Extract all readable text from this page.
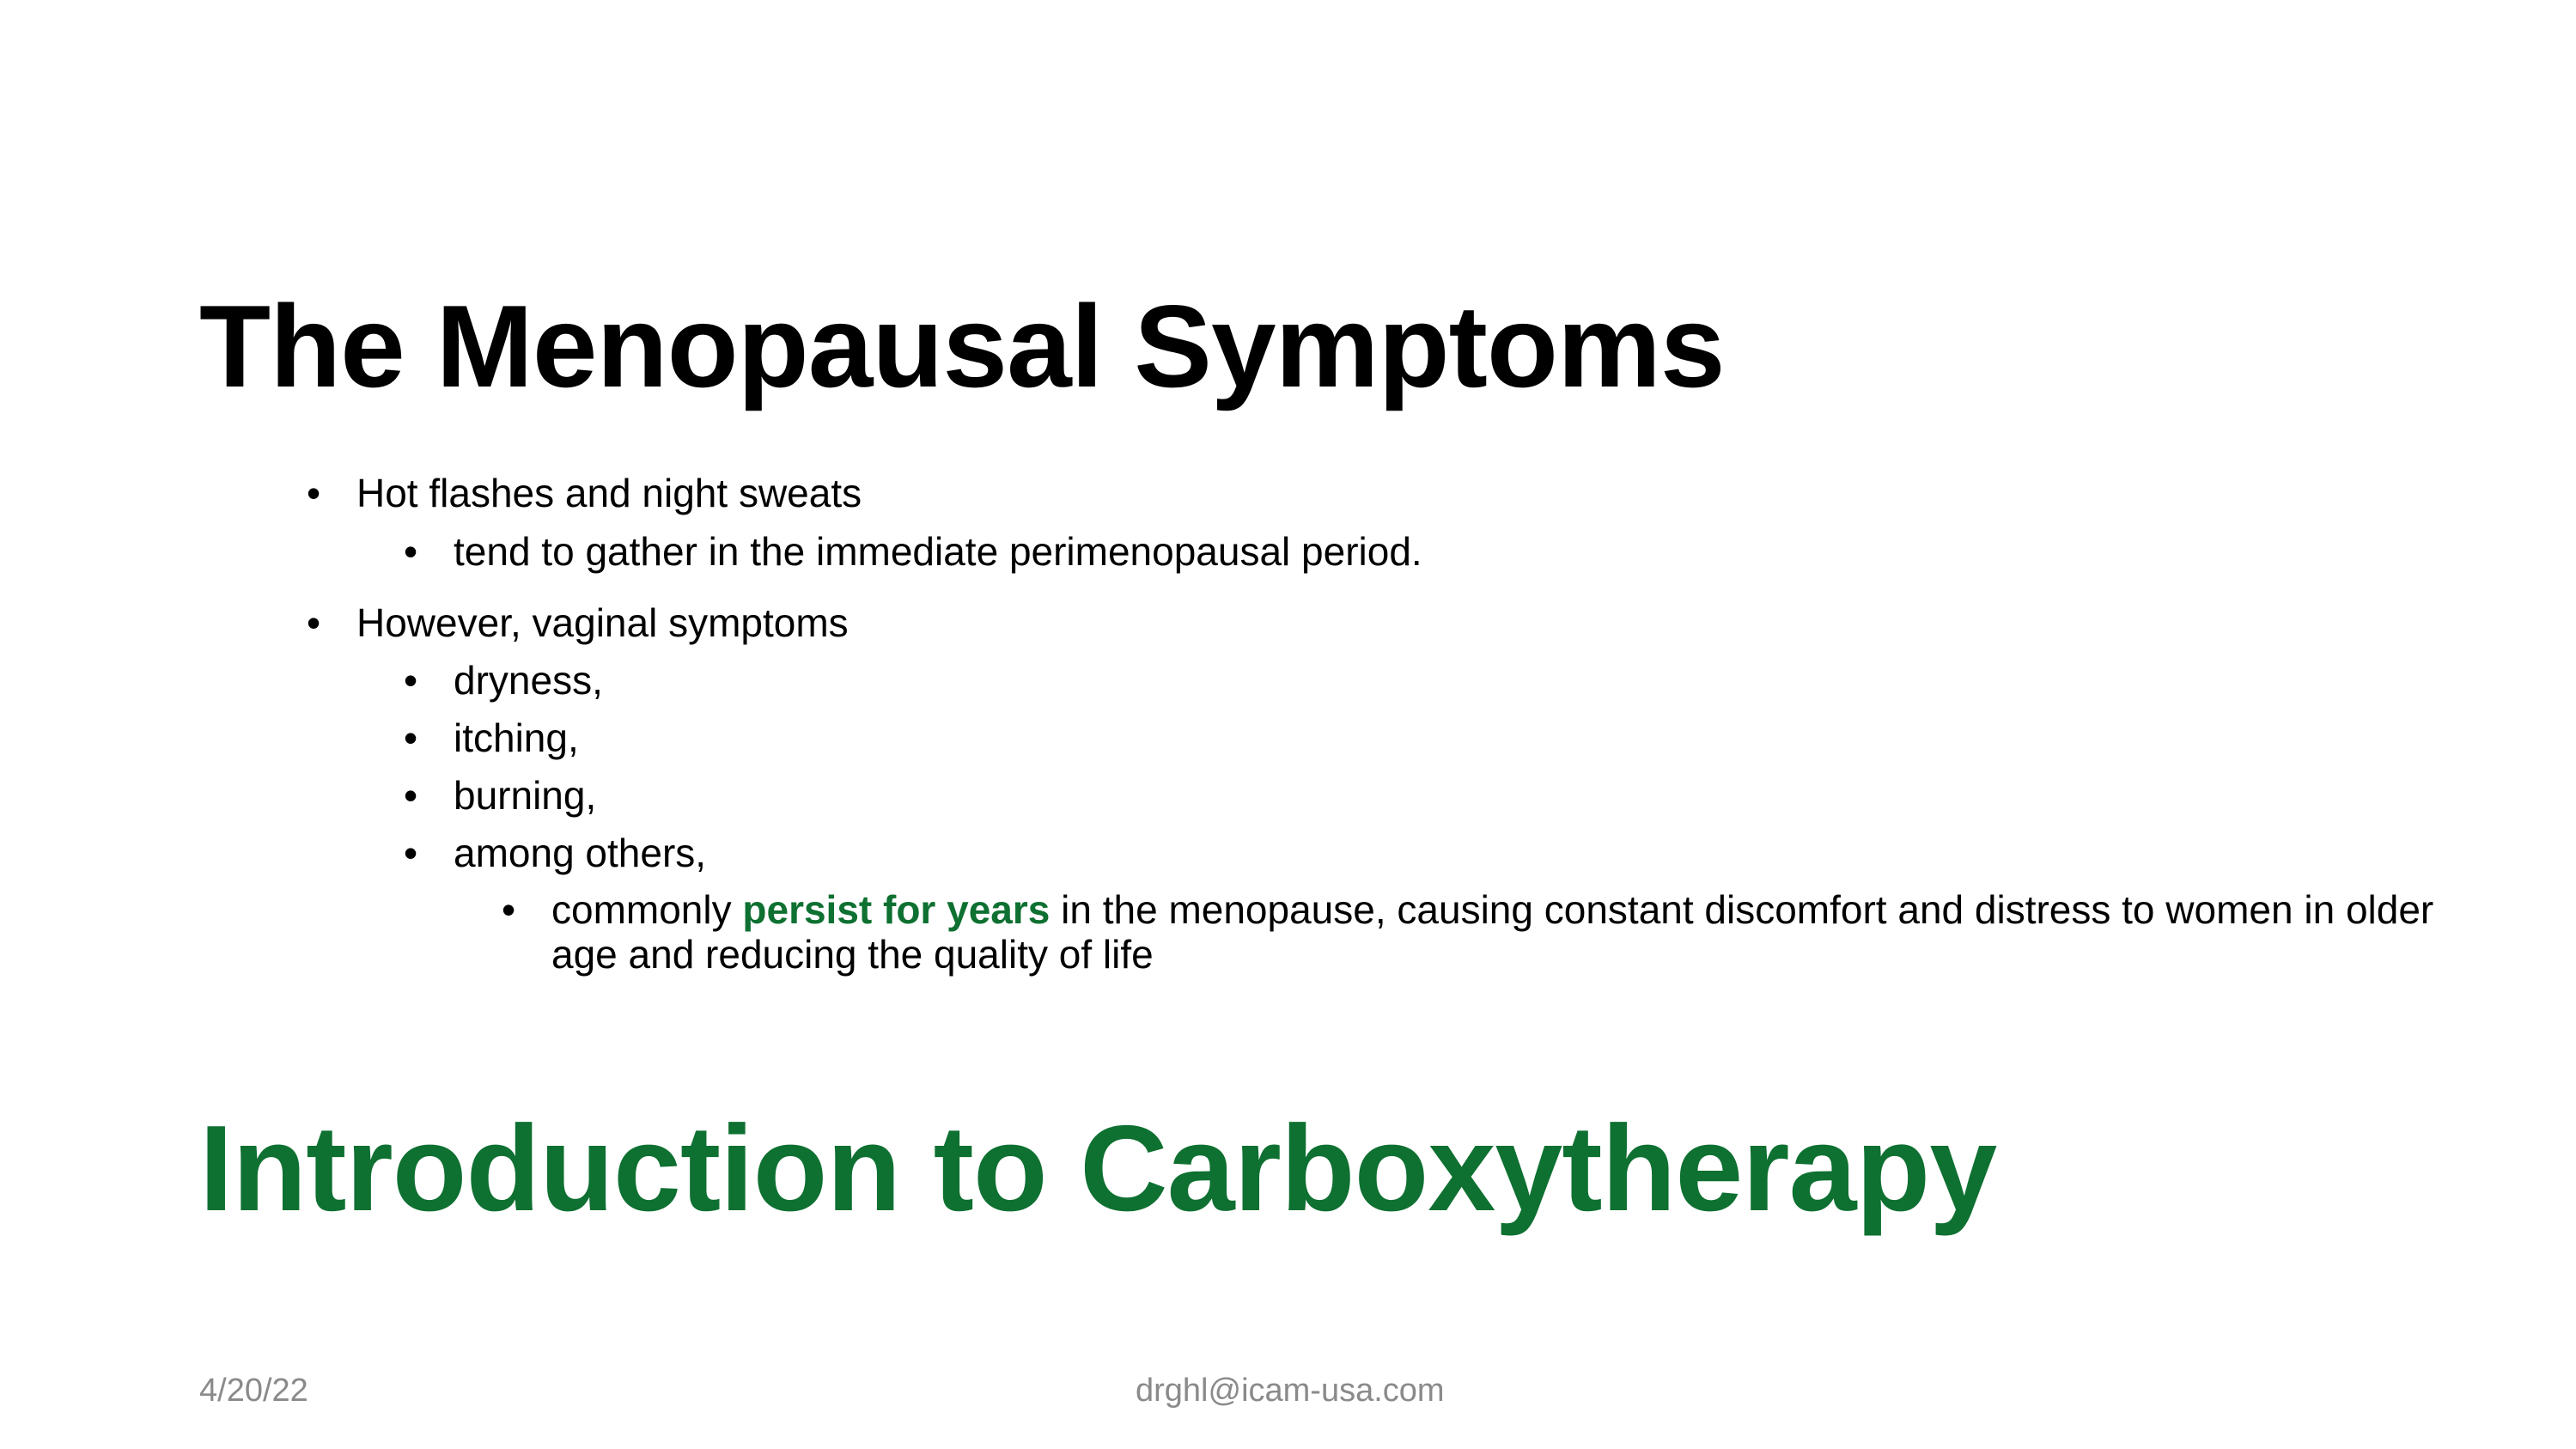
The Menopausal Symptoms
• Hot flashes and night sweats
• tend to gather in the immediate perimenopausal period.
• However, vaginal symptoms
• dryness,
• itching,
• burning,
• among others,
• commonly persist for years in the menopause, causing constant discomfort and distress to women in older age and reducing the quality of life
Introduction to Carboxytherapy
4/20/22	drghl@icam-usa.com
